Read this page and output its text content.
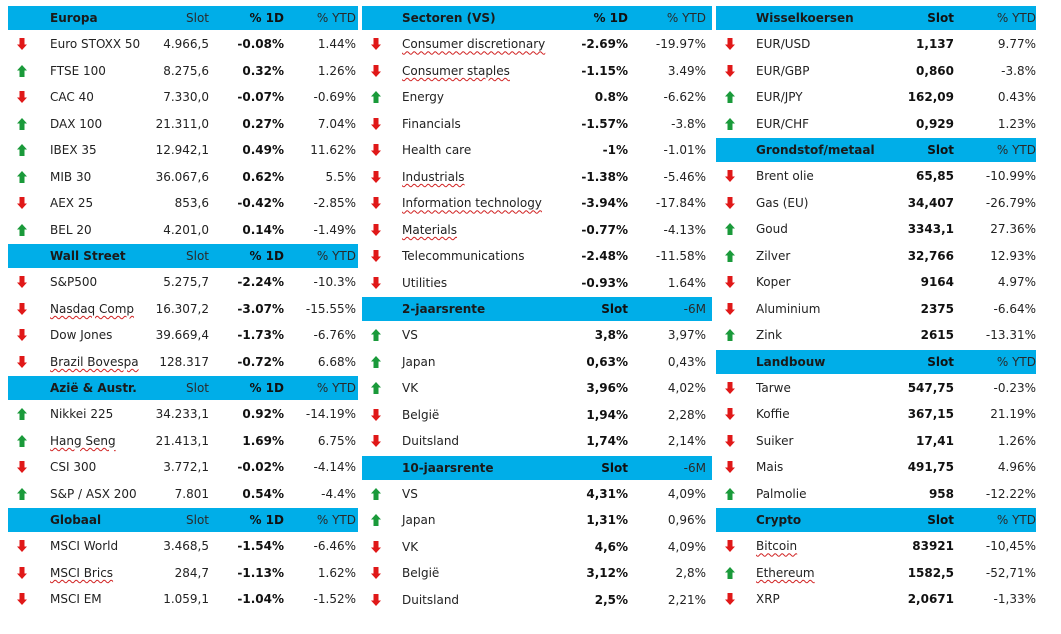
Europa	Slot	% 1D	% YTD
Euro STOXX 50 4.966,5 -0.08%	1.44%
FTSE 100	8.275,6	0.32%	1.26%
CAC 40	7.330,0 -0.07% -0.69%
DAX 100	21.311,0	0.27%	7.04%
IBEX 35	12.942,1	0.49% 11.62%
MIB 30	36.067,6	0.62%	5.5%
AEX 25	853,6 -0.42% -2.85%
BEL 20	4.201,0	0.14% -1.49%
Wall Street	Slot	% 1D	% YTD
S&P500	5.275,7 -2.24% -10.3%
Nasdaq Comp 16.307,2 -3.07% -15.55%
Dow Jones	39.669,4 -1.73% -6.76%
Brazil Bovespa 128.317 -0.72%	6.68%
Azië & Austr.	Slot	% 1D	% YTD
Nikkei 225	34.233,1	0.92% -14.19%
Hang Seng	21.413,1	1.69%	6.75%
CSI 300	3.772,1 -0.02% -4.14%
S&P / ASX 200	7.801	0.54%	-4.4%
Globaal	Slot	% 1D	% YTD
MSCI World	3.468,5 -1.54% -6.46%
MSCI Brics	284,7 -1.13%	1.62%
MSCI EM	1.059,1 -1.04% -1.52%
Sectoren (VS)	% 1D	% YTD
Consumer discretionary	-2.69% -19.97%
Consumer staples	-1.15%	3.49%
Energy	0.8%	-6.62%
Financials	-1.57%	-3.8%
Health care	-1%	-1.01%
Industrials	-1.38%	-5.46%
Information technology	-3.94% -17.84%
Materials	-0.77%	-4.13%
Telecommunications	-2.48% -11.58%
Utilities	-0.93%	1.64%
2-jaarsrente	Slot	-6M
VS	3,8%	3,97%
Japan	0,63%	0,43%
VK	3,96%	4,02%
België	1,94%	2,28%
Duitsland	1,74%	2,14%
10-jaarsrente	Slot	-6M
VS	4,31%	4,09%
Japan	1,31%	0,96%
VK	4,6%	4,09%
België	3,12%	2,8%
Duitsland	2,5%	2,21%
Wisselkoersen	Slot	% YTD
EUR/USD	1,137	9.77%
EUR/GBP	0,860	-3.8%
EUR/JPY	162,09	0.43%
EUR/CHF	0,929	1.23%
Grondstof/metaal	Slot	% YTD
Brent olie	65,85	-10.99%
Gas (EU)	34,407	-26.79%
Goud	3343,1	27.36%
Zilver	32,766	12.93%
Koper	9164	4.97%
Aluminium	2375	-6.64%
Zink	2615	-13.31%
Landbouw	Slot	% YTD
Tarwe	547,75	-0.23%
Koffie	367,15	21.19%
Suiker	17,41	1.26%
Mais	491,75	4.96%
Palmolie	958	-12.22%
Crypto	Slot	% YTD
Bitcoin	83921	-10,45%
Ethereum	1582,5	-52,71%
XRP	2,0671	-1,33%
